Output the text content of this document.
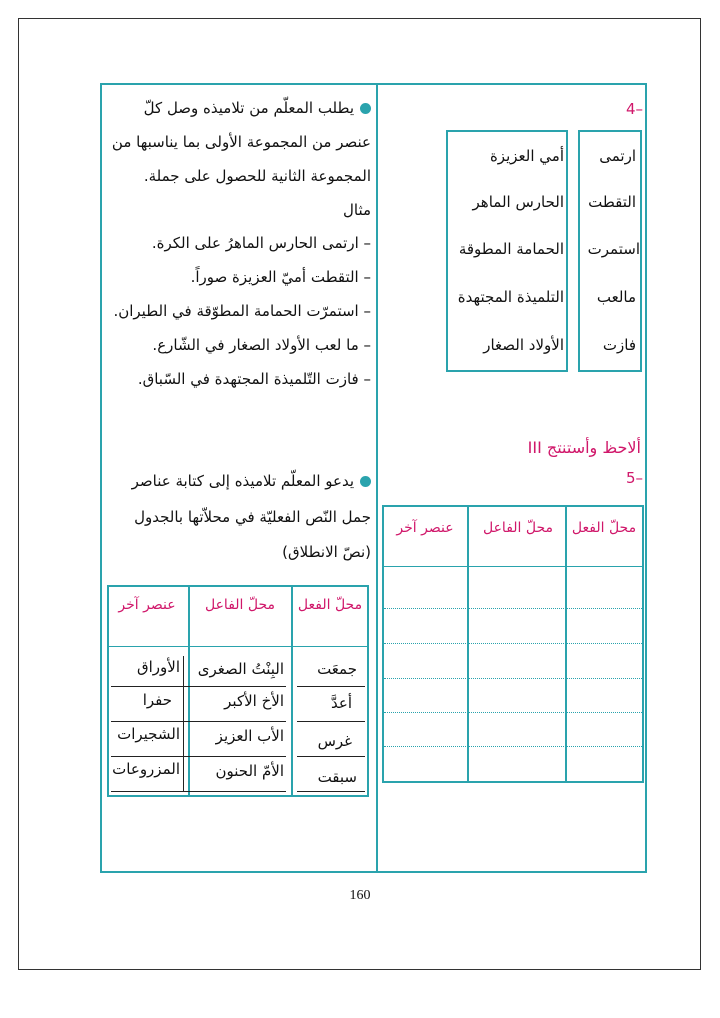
4–
ارتمى
التقطت
استمرت
مالعب
فازت
أمي العزيزة
الحارس الماهر
الحمامة المطوقة
التلميذة المجتهدة
الأولاد الصغار
III ألاحظ وأستنتج
5–
محلّ الفعل
محلّ الفاعل
عنصر آخر
يطلب المعلّم من تلاميذه وصل كلّ
عنصر من المجموعة الأولى بما يناسبها من
المجموعة الثانية للحصول على جملة.
مثال
– ارتمى الحارس الماهرُ على الكرة.
– التقطت أميّ العزيزة صوراً.
– استمرّت الحمامة المطوّقة في الطيران.
– ما لعب الأولاد الصغار في الشّارع.
– فازت التّلميذة المجتهدة في السّباق.
يدعو المعلّم تلاميذه إلى كتابة عناصر
جمل النّص الفعليّة في محلاّتها بالجدول
(نصّ الانطلاق)
محلّ الفعل
محلّ الفاعل
عنصر آخر
جمعَت
البِنْتُ الصغرى
الأوراق
أعدَّ
الأخ الأكبر
حفرا
غرس
الأب العزيز
الشجيرات
سبقت
الأمّ الحنون
المزروعات
160
